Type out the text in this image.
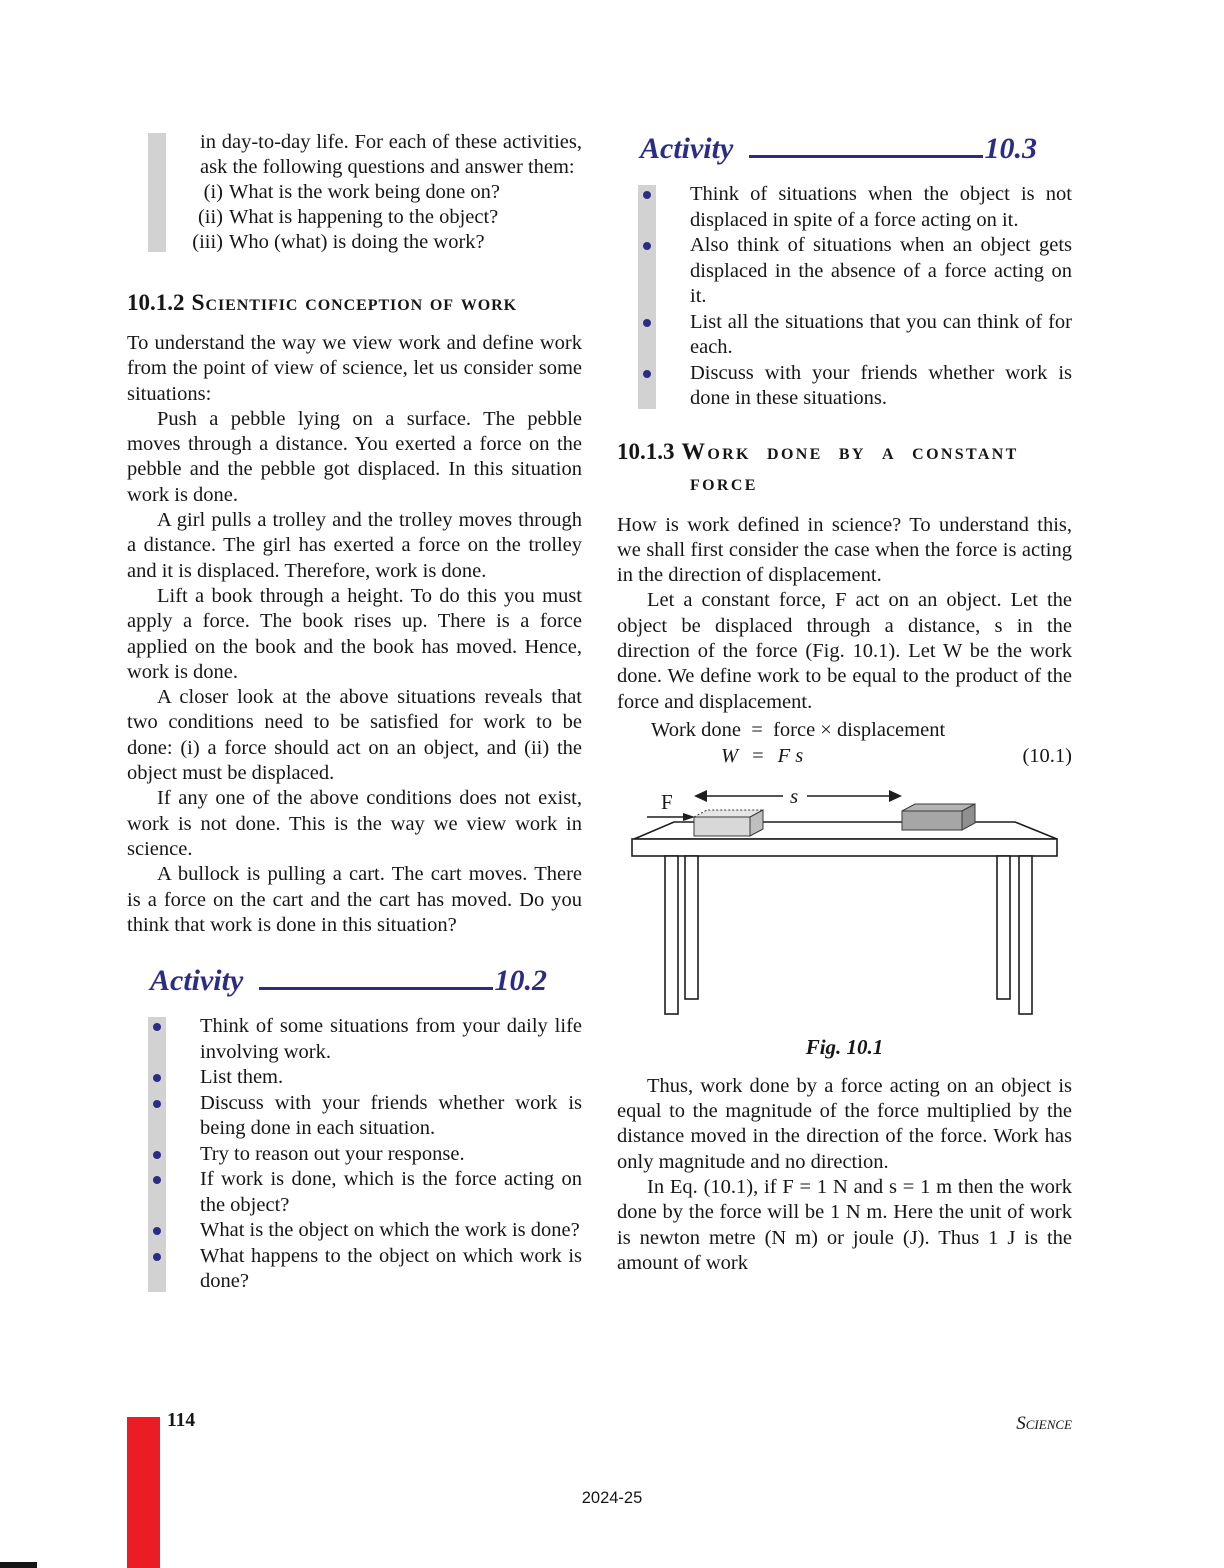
in day-to-day life. For each of these activities, ask the following questions and answer them:

(i) What is the work being done on?
(ii) What is happening to the object?
(iii) Who (what) is doing the work?
10.1.2 Scientific conception of work

To understand the way we view work and define work from the point of view of science, let us consider some situations:

Push a pebble lying on a surface. The pebble moves through a distance. You exerted a force on the pebble and the pebble got displaced. In this situation work is done.

A girl pulls a trolley and the trolley moves through a distance. The girl has exerted a force on the trolley and it is displaced. Therefore, work is done.

Lift a book through a height. To do this you must apply a force. The book rises up. There is a force applied on the book and the book has moved. Hence, work is done.

A closer look at the above situations reveals that two conditions need to be satisfied for work to be done: (i) a force should act on an object, and (ii) the object must be displaced.

If any one of the above conditions does not exist, work is not done. This is the way we view work in science.

A bullock is pulling a cart. The cart moves. There is a force on the cart and the cart has moved. Do you think that work is done in this situation?

Activity	10.2

Think of some situations from your daily life involving work.

List them.

Discuss with your friends whether work is being done in each situation.

Try to reason out your response.

If work is done, which is the force acting on the object?

What is the object on which the work is done?

What happens to the object on which work is done?

Activity	10.3

Think of situations when the object is not displaced in spite of a force acting on it.

Also think of situations when an object gets displaced in the absence of a force acting on it.

List all the situations that you can think of for each.

Discuss with your friends whether work is done in these situations.

10.1.3 Work done by a constant
force

How is work defined in science? To understand this, we shall first consider the case when the force is acting in the direction of displacement.

Let a constant force, F act on an object. Let the object be displaced through a distance, s in the direction of the force (Fig. 10.1). Let W be the work done. We define work to be equal to the product of the force and displacement.

Work done  =  force × displacement

W = F s	(10.1)
s
F

Fig. 10.1

Thus, work done by a force acting on an object is equal to the magnitude of the force multiplied by the distance moved in the direction of the force. Work has only magnitude and no direction.

In Eq. (10.1), if F = 1 N and s = 1 m then the work done by the force will be 1 N m. Here the unit of work is newton metre (N m) or joule (J). Thus 1 J is the amount of work

114	Science
2024-25
